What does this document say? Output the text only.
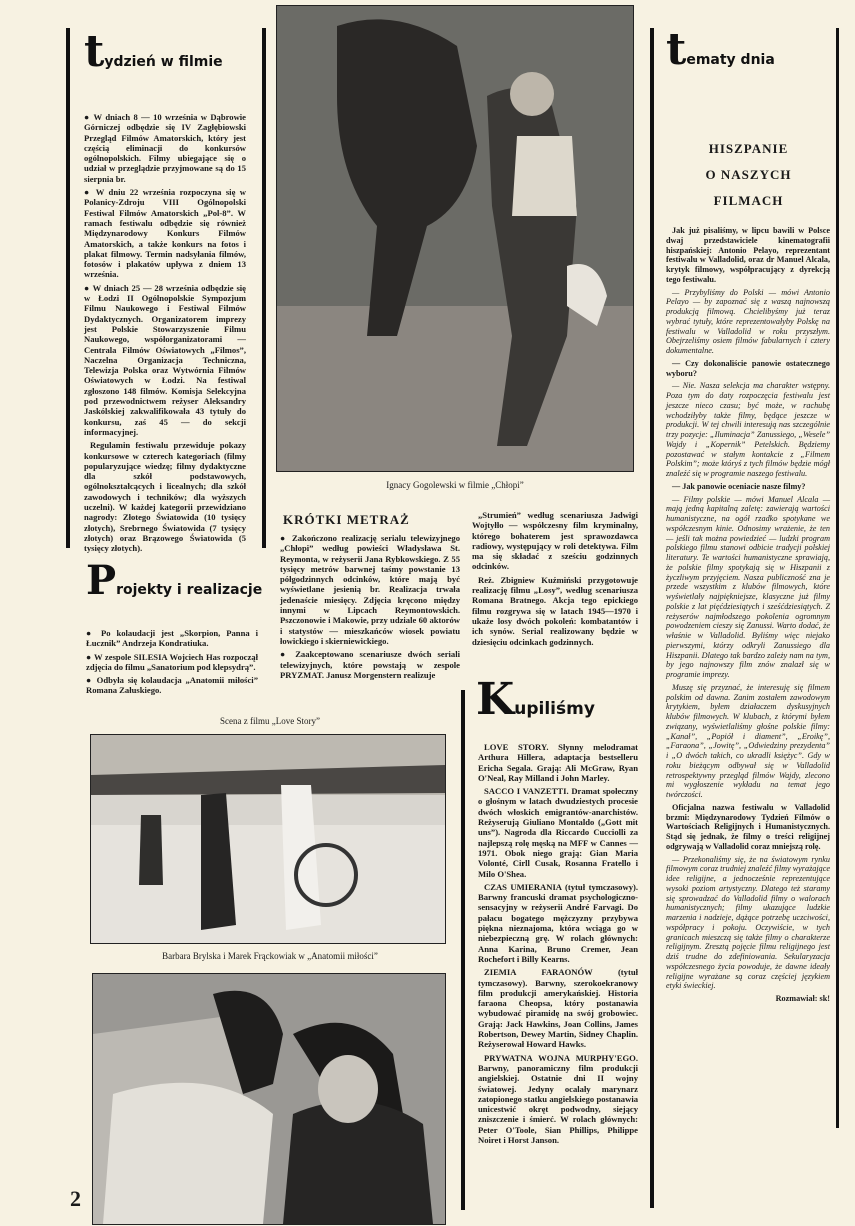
tydzień w filmie

● W dniach 8 — 10 września w Dąbrowie Górniczej odbędzie się IV Zagłębiowski Przegląd Filmów Amatorskich, który jest częścią eliminacji do konkursów ogólnopolskich. Filmy ubiegające się o udział w przeglądzie przyjmowane są do 15 sierpnia br.

● W dniu 22 września rozpoczyna się w Polanicy-Zdroju VIII Ogólnopolski Festiwal Filmów Amatorskich „Pol-8”. W ramach festiwalu odbędzie się również Międzynarodowy Konkurs Filmów Amatorskich, a także konkurs na fotos i plakat filmowy. Termin nadsyłania filmów, fotosów i plakatów upływa z dniem 13 września.

● W dniach 25 — 28 września odbędzie się w Łodzi II Ogólnopolskie Sympozjum Filmu Naukowego i Festiwal Filmów Dydaktycznych. Organizatorem imprezy jest Polskie Stowarzyszenie Filmu Naukowego, współorganizatorami — Centrala Filmów Oświatowych „Filmos”, Naczelna Organizacja Techniczna, Telewizja Polska oraz Wytwórnia Filmów Oświatowych w Łodzi. Na festiwal zgłoszono 148 filmów. Komisja Selekcyjna pod przewodnictwem reżyser Aleksandry Jaskólskiej zakwalifikowała 43 tytuły do konkursu, zaś 45 — do sekcji informacyjnej.

Regulamin festiwalu przewiduje pokazy konkursowe w czterech kategoriach (filmy popularyzujące wiedzę; filmy dydaktyczne dla szkół podstawowych, ogólnokształcących i licealnych; dla szkół zawodowych i techników; dla wyższych uczelni). W każdej kategorii przewidziano nagrody: Złotego Światowida (10 tysięcy złotych), Srebrnego Światowida (7 tysięcy złotych) oraz Brązowego Światowida (5 tysięcy złotych).

Projekty i realizacje

● Po kolaudacji jest „Skorpion, Panna i Łucznik” Andrzeja Kondratiuka.

● W zespole SILESIA Wojciech Has rozpoczął zdjęcia do filmu „Sanatorium pod klepsydrą”.

● Odbyła się kolaudacja „Anatomii miłości” Romana Załuskiego.

Ignacy Gogolewski w filmie „Chłopi”
KRÓTKI METRAŻ

● Zakończono realizację serialu telewizyjnego „Chłopi” według powieści Władysława St. Reymonta, w reżyserii Jana Rybkowskiego. Z 55 tysięcy metrów barwnej taśmy powstanie 13 półgodzinnych odcinków, które mają być wyświetlane jesienią br. Realizacja trwała jedenaście miesięcy. Zdjęcia kręcono między innymi w Lipcach Reymontowskich. Pszczonowie i Makowie, przy udziale 60 aktorów i statystów — mieszkańców wiosek powiatu łowickiego i skierniewickiego.

● Zaakceptowano scenariusze dwóch seriali telewizyjnych, które powstają w zespole PRYZMAT. Janusz Morgenstern realizuje

„Strumień” według scenariusza Jadwigi Wojtyłło — współczesny film kryminalny, którego bohaterem jest sprawozdawca radiowy, występujący w roli detektywa. Film ma się składać z sześciu godzinnych odcinków.

Reż. Zbigniew Kuźmiński przygotowuje realizację filmu „Losy”, według scenariusza Romana Bratnego. Akcja tego epickiego filmu rozgrywa się w latach 1945—1970 i ukaże losy dwóch pokoleń: kombatantów i ich synów. Serial realizowany będzie w dziesięciu odcinkach godzinnych.

Scena z filmu „Love Story”
Barbara Brylska i Marek Frąckowiak w „Anatomii miłości”
2
Kupiliśmy

LOVE STORY. Słynny melodramat Arthura Hillera, adaptacja bestselleru Ericha Segala. Grają: Ali McGraw, Ryan O'Neal, Ray Milland i John Marley.

SACCO I VANZETTI. Dramat społeczny o głośnym w latach dwudziestych procesie dwóch włoskich emigrantów-anarchistów. Reżyserują Giuliano Montaldo („Gott mit uns”). Nagroda dla Riccardo Cucciolli za najlepszą rolę męską na MFF w Cannes — 1971. Obok niego grają: Gian Maria Volonté, Cirll Cusak, Rosanna Fratello i Milo O'Shea.

CZAS UMIERANIA (tytuł tymczasowy). Barwny francuski dramat psychologiczno-sensacyjny w reżyserii André Farvagi. Do pałacu bogatego mężczyzny przybywa piękna nieznajoma, która wciąga go w niebezpieczną grę. W rolach głównych: Anna Karina, Bruno Cremer, Jean Rochefort i Billy Kearns.

ZIEMIA FARAONÓW (tytuł tymczasowy). Barwny, szerokoekranowy film produkcji amerykańskiej. Historia faraona Cheopsa, który postanawia wybudować piramidę na swój grobowiec. Grają: Jack Hawkins, Joan Collins, James Robertson, Dewey Martin, Sidney Chaplin. Reżyserował Howard Hawks.

PRYWATNA WOJNA MURPHY'EGO. Barwny, panoramiczny film produkcji angielskiej. Ostatnie dni II wojny światowej. Jedyny ocalały marynarz zatopionego statku angielskiego postanawia unicestwić okręt podwodny, siejący zniszczenie i śmierć. W rolach głównych: Peter O'Toole, Sian Phillips, Philippe Noiret i Horst Janson.

tematy dnia
HISZPANIE
O NASZYCH
FILMACH

Jak już pisaliśmy, w lipcu bawili w Polsce dwaj przedstawiciele kinematografii hiszpańskiej: Antonio Pelayo, reprezentant festiwalu w Valladolid, oraz dr Manuel Alcala, krytyk filmowy, współpracujący z dyrekcją tego festiwalu.

— Przybyliśmy do Polski — mówi Antonio Pelayo — by zapoznać się z waszą najnowszą produkcją filmową. Chcielibyśmy już teraz wybrać tytuły, które reprezentowałyby Polskę na festiwalu w Valladolid w roku przyszłym. Obejrzeliśmy osiem filmów fabularnych i cztery dokumentalne.

— Czy dokonaliście panowie ostatecznego wyboru?

— Nie. Nasza selekcja ma charakter wstępny. Poza tym do daty rozpoczęcia festiwalu jest jeszcze nieco czasu; być może, w rachubę wchodziłyby także filmy, będące jeszcze w produkcji. W tej chwili interesują nas szczególnie trzy pozycje: „Iluminacja” Zanussiego, „Wesele” Wajdy i „Kopernik” Petelskich. Będziemy pozostawać w stałym kontakcie z „Filmem Polskim”; może któryś z tych filmów będzie mógł znaleźć się w programie naszego festiwalu.

— Jak panowie oceniacie nasze filmy?

— Filmy polskie — mówi Manuel Alcala — mają jedną kapitalną zaletę: zawierają wartości humanistyczne, na ogół rzadko spotykane we współczesnym kinie. Odnosimy wrażenie, że ten — jeśli tak można powiedzieć — ludzki program polskiego filmu stanowi odbicie tradycji polskiej literatury. Te wartości humanistyczne sprawiają, że polskie filmy spotykają się w Hiszpanii z życzliwym przyjęciem. Nasza publiczność zna je przede wszystkim z klubów filmowych, które wyświetlały najpiękniejsze, klasyczne już filmy polskie z lat pięćdziesiątych i sześćdziesiątych. Z reżyserów najmłodszego pokolenia ogromnym powodzeniem cieszy się Zanussi. Warto dodać, że właśnie w Valladolid. Byliśmy więc niejako pierwszymi, którzy odkryli Zanussiego dla Hiszpanii. Dlatego tak bardzo zależy nam na tym, by jego najnowszy film znów znalazł się w programie imprezy.

Muszę się przyznać, że interesuję się filmem polskim od dawna. Zanim zostałem zawodowym krytykiem, byłem działaczem dyskusyjnych klubów filmowych. W klubach, z którymi byłem związany, wyświetlaliśmy głośne polskie filmy: „Kanał”, „Popiół i diament”, „Eroikę”, „Faraona”, „Jowitę”, „Odwiedziny prezydenta” i „O dwóch takich, co ukradli księżyc”. Gdy w roku bieżącym odbywał się w Valladolid retrospektywny przegląd filmów Wajdy, zlecono mi wygłoszenie wykładu na temat jego twórczości.

Oficjalna nazwa festiwalu w Valladolid brzmi: Międzynarodowy Tydzień Filmów o Wartościach Religijnych i Humanistycznych. Stąd się jednak, że filmy o treści religijnej odgrywają w Valladolid coraz mniejszą rolę.

— Przekonaliśmy się, że na światowym rynku filmowym coraz trudniej znaleźć filmy wyrażające idee religijne, a jednocześnie reprezentujące wysoki poziom artystyczny. Dlatego też staramy się sprowadzać do Valladolid filmy o walorach humanistycznych; filmy ukazujące ludzkie marzenia i nadzieje, dążące potrzebę uczciwości, współpracy i pokoju. Oczywiście, w tych granicach mieszczą się także filmy o charakterze religijnym. Zresztą pojęcie filmu religijnego jest dziś trudne do zdefiniowania. Sekularyzacja współczesnego życia powoduje, że dawne ideały religijne wyrażane są coraz częściej językiem etyki świeckiej.

Rozmawiał: sk!
